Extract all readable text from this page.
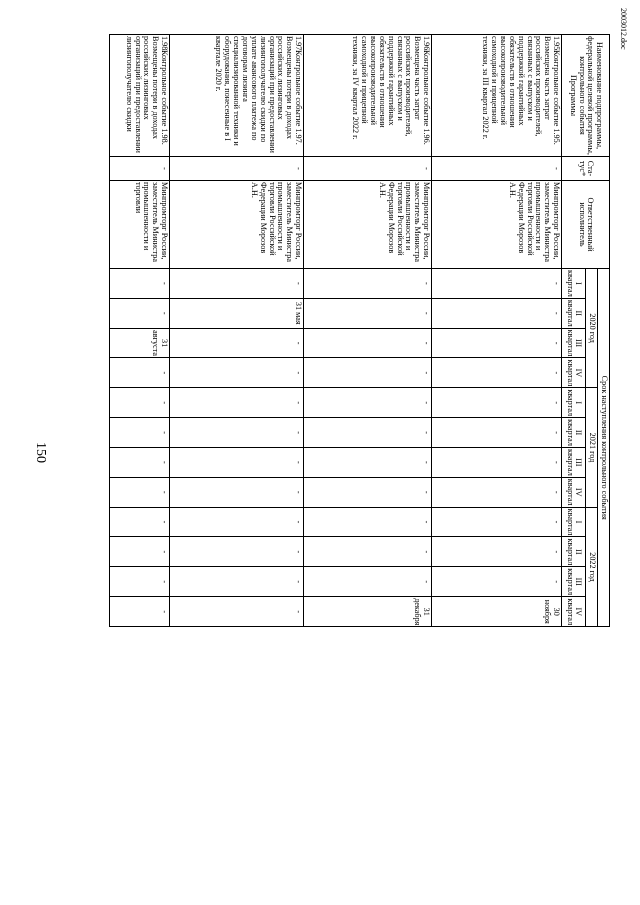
150
2003012.doc
Наименование подпрограммы, федеральной целевой программы, контрольного события Программы	Ста-тус*	Ответственный исполнитель	Срок наступления контрольного события											
			2020 год				2021 год				2022 год			
			I квартал	II квартал	III квартал	IV квартал	I квартал	II квартал	III квартал	IV квартал	I квартал	II квартал	III квартал	IV квартал
1.95.Контрольное событие 1.95. Возмещена часть затрат российских производителей, связанных с выпуском и поддержкой гарантийных обязательств в отношении высокопроизводительной самоходной и прицепной техники, за III квартал 2022 г.	-	Минпромторг России, заместитель Министра промышленности и торговли Российской Федерации Морозов А.Н.	-	-	-	-	-	-	-	-	-	-	-	30 ноября
1.96.Контрольное событие 1.96. Возмещена часть затрат российских производителей, связанных с выпуском и поддержкой гарантийных обязательств в отношении высокопроизводительной самоходной и прицепной техники, за IV квартал 2022 г.	-	Минпромторг России, заместитель Министра промышленности и торговли Российской Федерации Морозов А.Н.	-	-	-	-	-	-	-	-	-	-	-	31 декабря
1.97.Контрольное событие 1.97. Возмещены потери в доходах российских лизинговых организаций при предоставлении лизингополучателю скидки по уплате авансового платежа по договорам лизинга специализированной техники и оборудования, понесенные в I квартале 2020 г.	-	Минпромторг России, заместитель Министра промышленности и торговли Российской Федерации Морозов А.Н.	-	31 мая	-	-	-	-	-	-	-	-	-	-
1.98.Контрольное событие 1.98. Возмещены потери в доходах российских лизинговых организаций при предоставлении лизингополучателю скидки	-	Минпромторг России, заместитель Министра промышленности и торговли	-	-	31 августа	-	-	-	-	-	-	-	-	-
